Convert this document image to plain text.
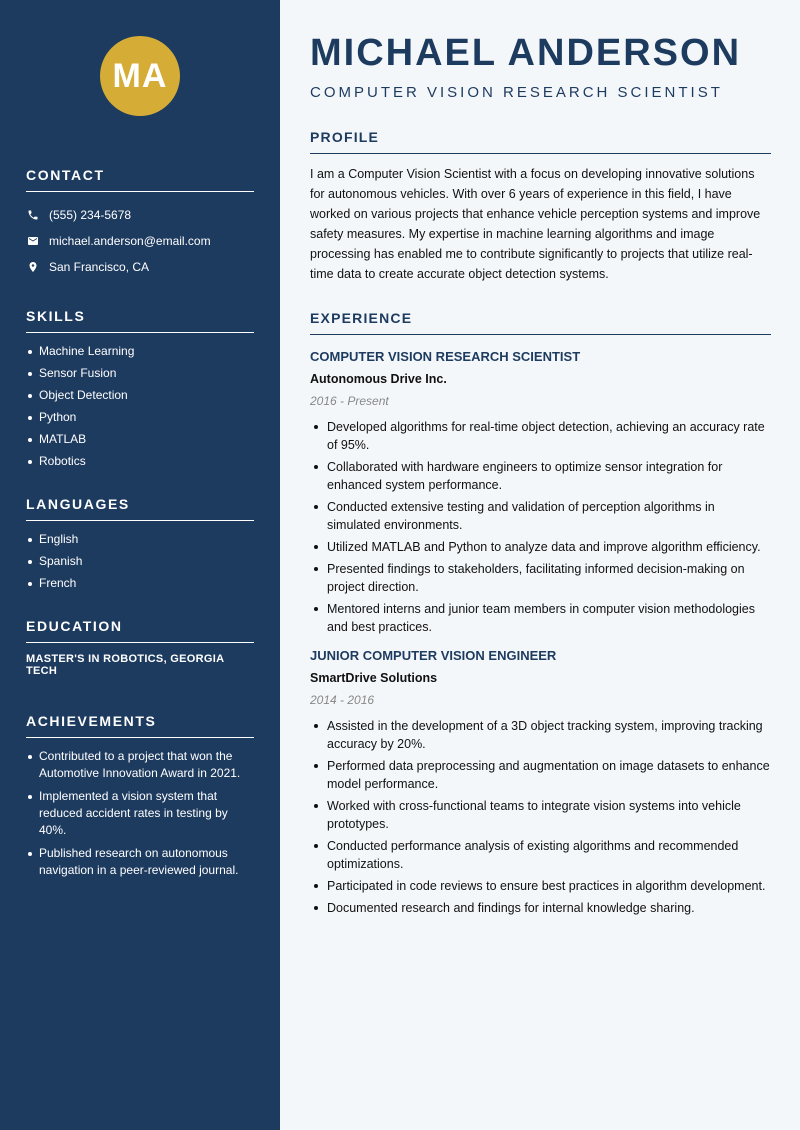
MA
CONTACT
(555) 234-5678
michael.anderson@email.com
San Francisco, CA
SKILLS
Machine Learning
Sensor Fusion
Object Detection
Python
MATLAB
Robotics
LANGUAGES
English
Spanish
French
EDUCATION
MASTER'S IN ROBOTICS, GEORGIA TECH
ACHIEVEMENTS
Contributed to a project that won the Automotive Innovation Award in 2021.
Implemented a vision system that reduced accident rates in testing by 40%.
Published research on autonomous navigation in a peer-reviewed journal.
MICHAEL ANDERSON
COMPUTER VISION RESEARCH SCIENTIST
PROFILE
I am a Computer Vision Scientist with a focus on developing innovative solutions for autonomous vehicles. With over 6 years of experience in this field, I have worked on various projects that enhance vehicle perception systems and improve safety measures. My expertise in machine learning algorithms and image processing has enabled me to contribute significantly to projects that utilize real-time data to create accurate object detection systems.
EXPERIENCE
COMPUTER VISION RESEARCH SCIENTIST
Autonomous Drive Inc.
2016 - Present
Developed algorithms for real-time object detection, achieving an accuracy rate of 95%.
Collaborated with hardware engineers to optimize sensor integration for enhanced system performance.
Conducted extensive testing and validation of perception algorithms in simulated environments.
Utilized MATLAB and Python to analyze data and improve algorithm efficiency.
Presented findings to stakeholders, facilitating informed decision-making on project direction.
Mentored interns and junior team members in computer vision methodologies and best practices.
JUNIOR COMPUTER VISION ENGINEER
SmartDrive Solutions
2014 - 2016
Assisted in the development of a 3D object tracking system, improving tracking accuracy by 20%.
Performed data preprocessing and augmentation on image datasets to enhance model performance.
Worked with cross-functional teams to integrate vision systems into vehicle prototypes.
Conducted performance analysis of existing algorithms and recommended optimizations.
Participated in code reviews to ensure best practices in algorithm development.
Documented research and findings for internal knowledge sharing.
